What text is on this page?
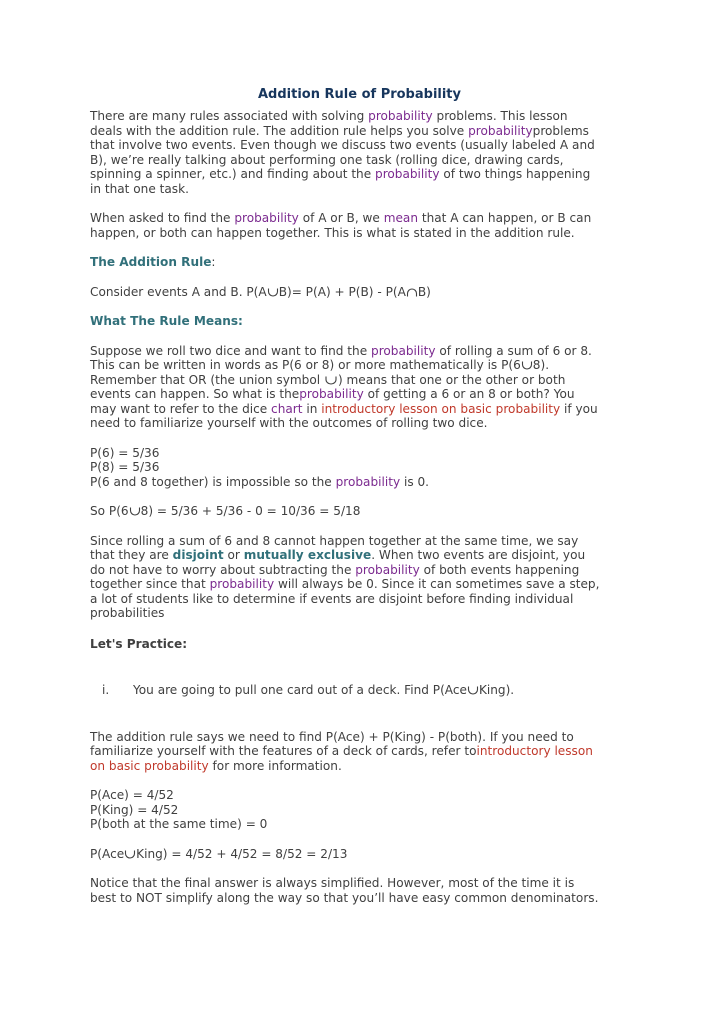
Addition Rule of Probability
There are many rules associated with solving probability problems. This lesson
deals with the addition rule. The addition rule helps you solve probabilityproblems
that involve two events. Even though we discuss two events (usually labeled A and
B), we’re really talking about performing one task (rolling dice, drawing cards,
spinning a spinner, etc.) and finding about the probability of two things happening
in that one task.
When asked to find the probability of A or B, we mean that A can happen, or B can
happen, or both can happen together. This is what is stated in the addition rule.
The Addition Rule:
Consider events A and B. P(A B)= P(A) + P(B) - P(A B)
What The Rule Means:
Suppose we roll two dice and want to find the probability of rolling a sum of 6 or 8.
This can be written in words as P(6 or 8) or more mathematically is P(6 8).
Remember that OR (the union symbol
) means that one or the other or both
events can happen. So what is theprobability of getting a 6 or an 8 or both? You
may want to refer to the dice chart in introductory lesson on basic probability if you
need to familiarize yourself with the outcomes of rolling two dice.
P(6) = 5/36
P(8) = 5/36
P(6 and 8 together) is impossible so the probability is 0.
So P(6 8) = 5/36 + 5/36 - 0 = 10/36 = 5/18
Since rolling a sum of 6 and 8 cannot happen together at the same time, we say
that they are disjoint or mutually exclusive. When two events are disjoint, you
do not have to worry about subtracting the probability of both events happening
together since that probability will always be 0. Since it can sometimes save a step,
a lot of students like to determine if events are disjoint before finding individual
probabilities
Let's Practice:
i. You are going to pull one card out of a deck. Find P(Ace King).
The addition rule says we need to find P(Ace) + P(King) - P(both). If you need to
familiarize yourself with the features of a deck of cards, refer tointroductory lesson
on basic probability for more information.
P(Ace) = 4/52
P(King) = 4/52
P(both at the same time) = 0
P(Ace King) = 4/52 + 4/52 = 8/52 = 2/13
Notice that the final answer is always simplified. However, most of the time it is
best to NOT simplify along the way so that you’ll have easy common denominators.
